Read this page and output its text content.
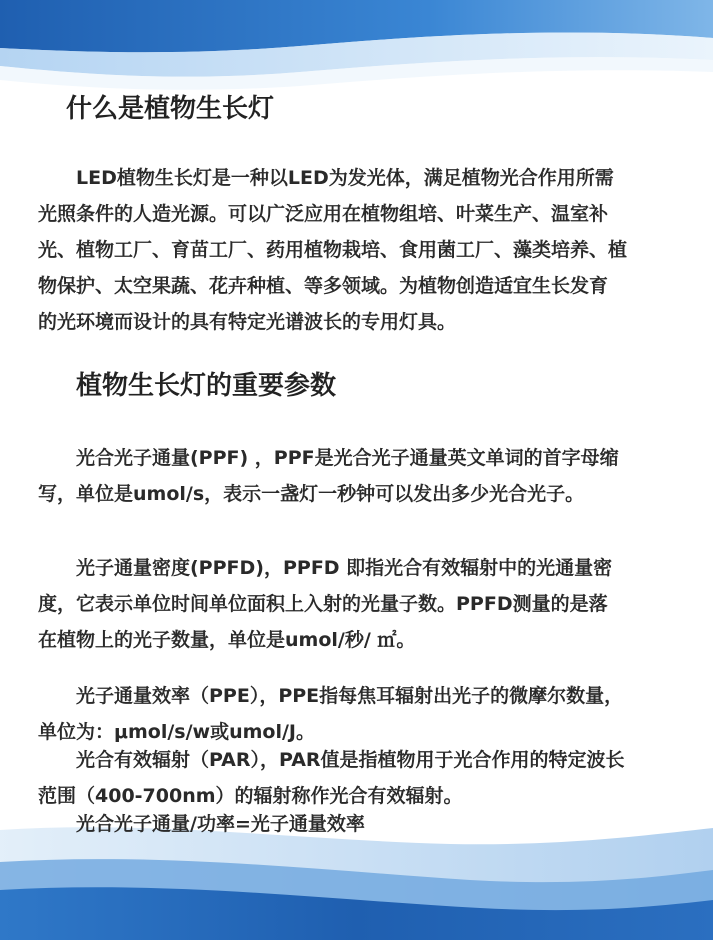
什么是植物生长灯

LED植物生长灯是一种以LED为发光体，满足植物光合作用所需
光照条件的人造光源。可以广泛应用在植物组培、叶菜生产、温室补
光、植物工厂、育苗工厂、药用植物栽培、食用菌工厂、藻类培养、植
物保护、太空果蔬、花卉种植、等多领域。为植物创造适宜生长发育
的光环境而设计的具有特定光谱波长的专用灯具。

植物生长灯的重要参数

光合光子通量(PPF) ，PPF是光合光子通量英文单词的首字母缩
写，单位是umol/s，表示一盏灯一秒钟可以发出多少光合光子。

光子通量密度(PPFD)，PPFD 即指光合有效辐射中的光通量密
度，它表示单位时间单位面积上入射的光量子数。PPFD测量的是落
在植物上的光子数量，单位是umol/秒/ ㎡。

光子通量效率（PPE），PPE指每焦耳辐射出光子的微摩尔数量，
单位为：μmol/s/w或umol/J。

光合有效辐射（PAR），PAR值是指植物用于光合作用的特定波长
范围（400-700nm）的辐射称作光合有效辐射。

光合光子通量/功率=光子通量效率
